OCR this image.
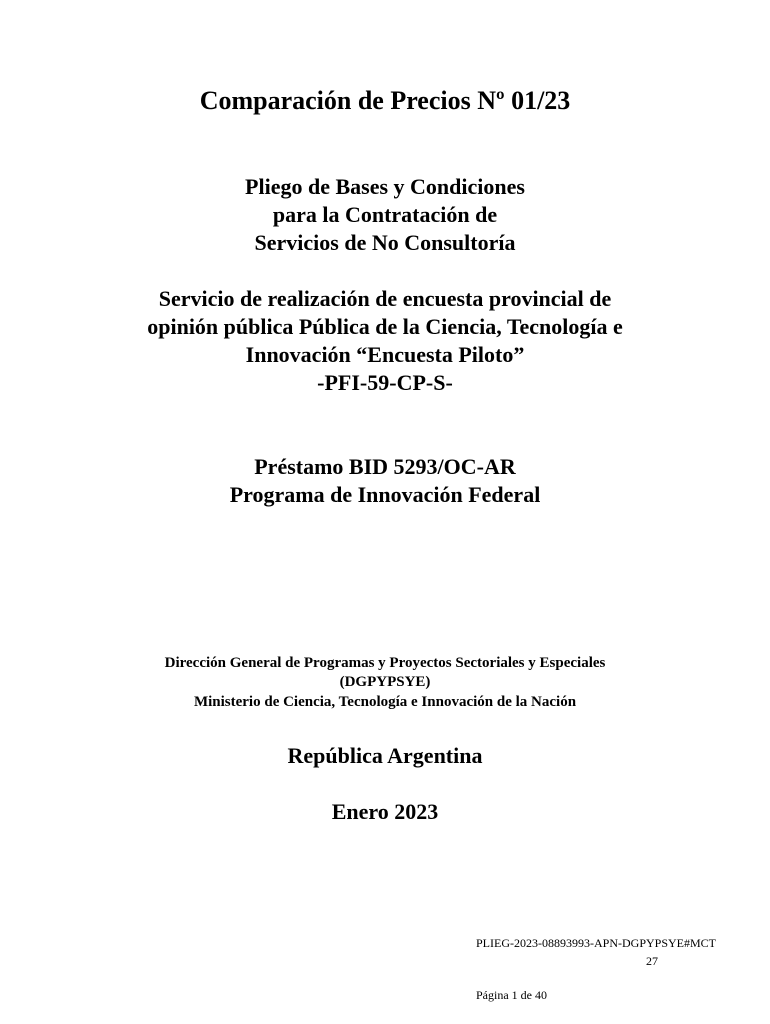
Comparación de Precios Nº 01/23
Pliego de Bases y Condiciones
para la Contratación de
Servicios de No Consultoría
Servicio de realización de encuesta provincial de
opinión pública Pública de la Ciencia, Tecnología e
Innovación “Encuesta Piloto”
-PFI-59-CP-S-
Préstamo BID 5293/OC-AR
Programa de Innovación Federal
Dirección General de Programas y Proyectos Sectoriales y Especiales
(DGPYPSYE)
Ministerio de Ciencia, Tecnología e Innovación de la Nación
República Argentina
Enero 2023
PLIEG-2023-08893993-APN-DGPYPSYE#MCT
27
Página 1 de 40
